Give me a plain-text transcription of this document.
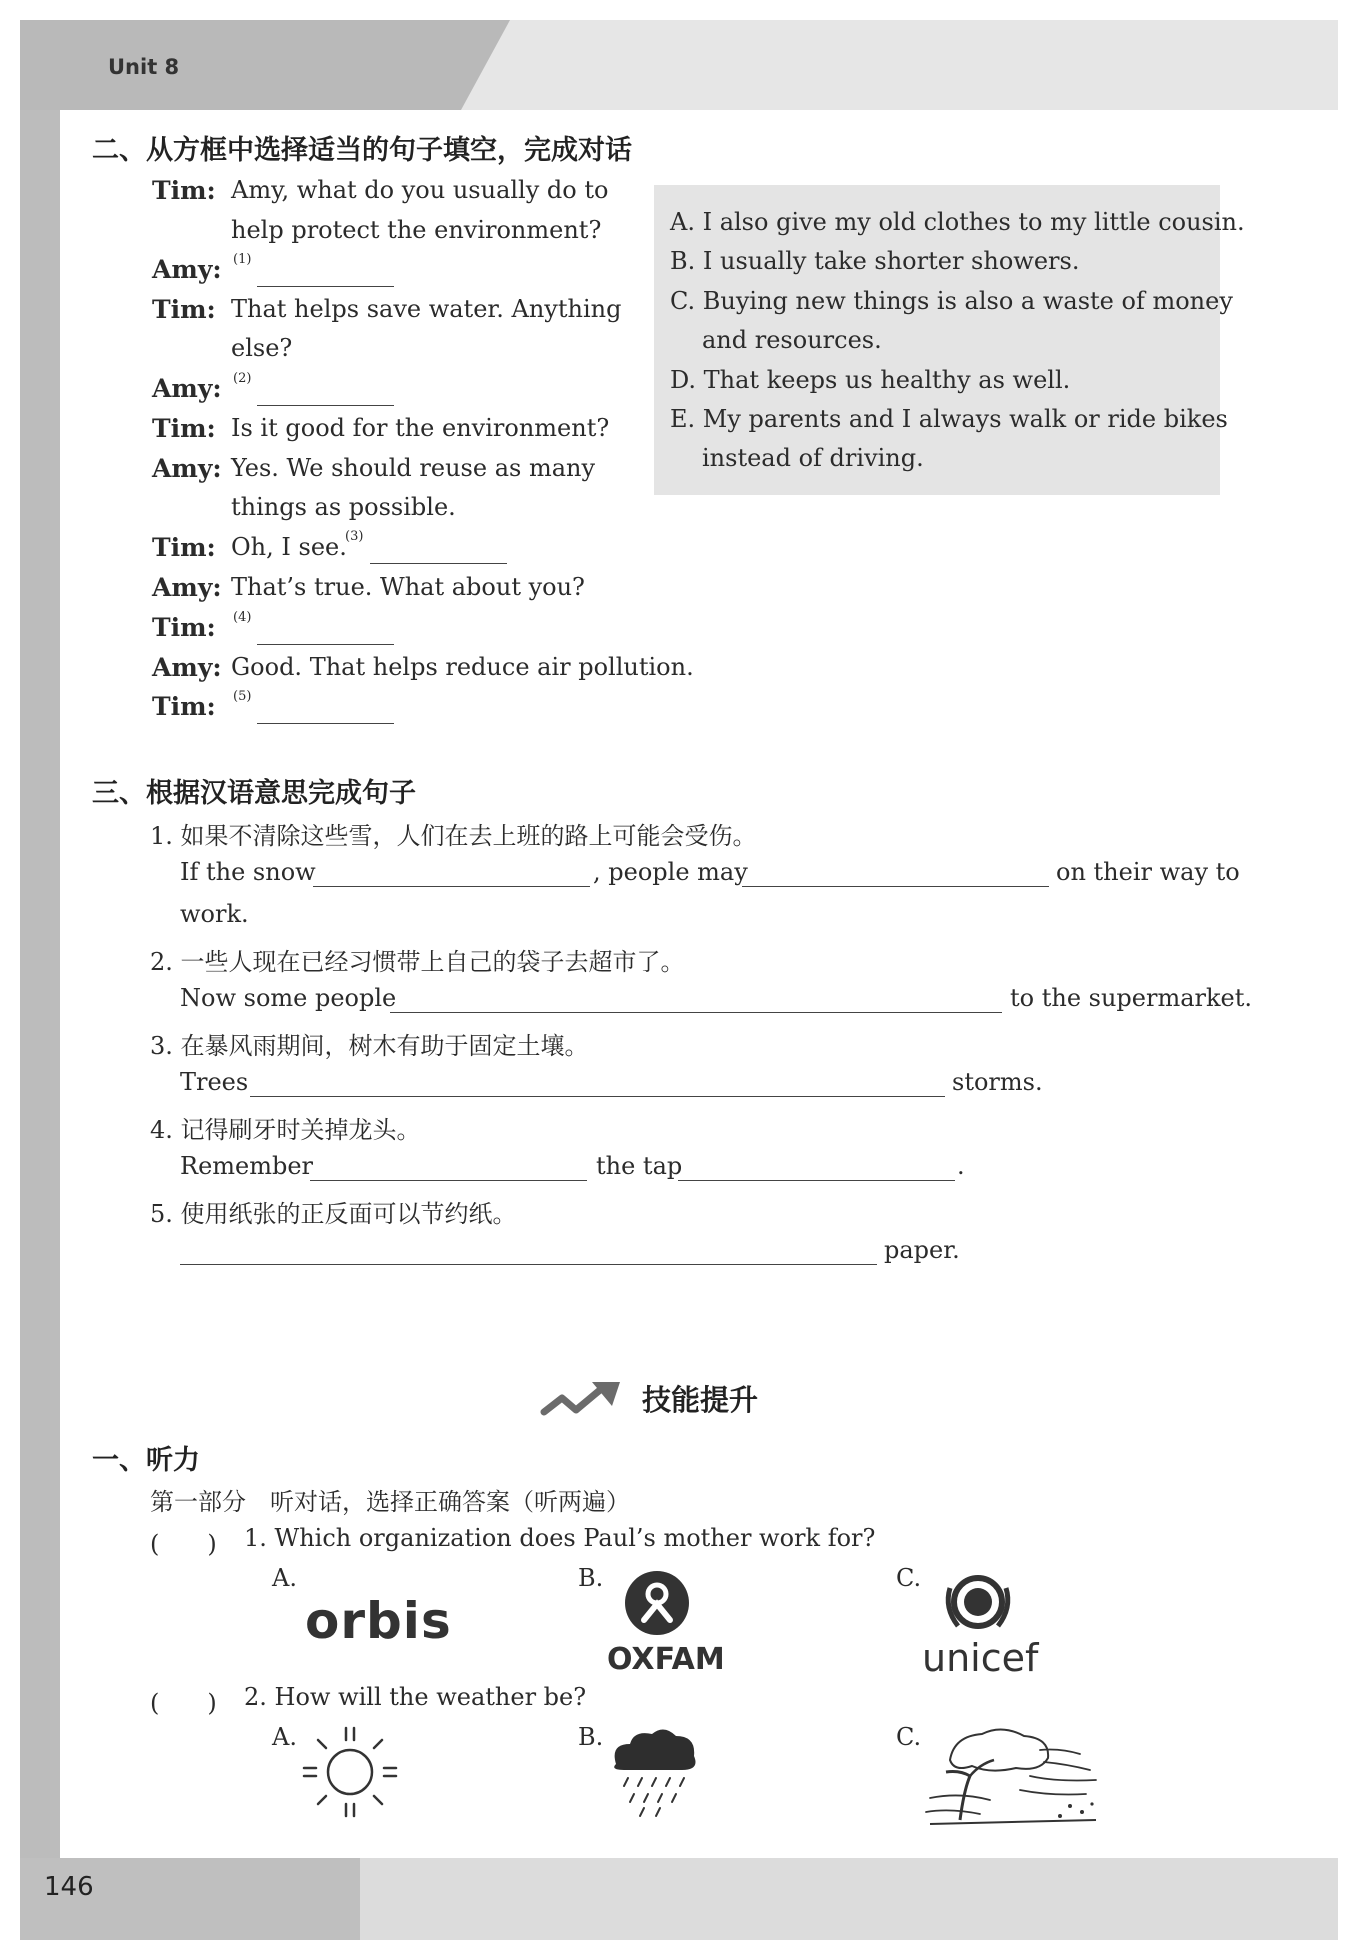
Unit 8
146
二、从方框中选择适当的句子填空，完成对话
A. I also give my old clothes to my little cousin.
B. I usually take shorter showers.
C. Buying new things is also a waste of money
and resources.
D. That keeps us healthy as well.
E. My parents and I always walk or ride bikes
instead of driving.
Tim: Amy, what do you usually do to
help protect the environment?
Amy: (1)
Tim: That helps save water. Anything
else?
Amy: (2)
Tim: Is it good for the environment?
Amy: Yes. We should reuse as many
things as possible.
Tim: Oh, I see.
(3)
Amy: That’s true. What about you?
Tim: (4)
Amy: Good. That helps reduce air pollution.
Tim: (5)
三、根据汉语意思完成句子
1. 如果不清除这些雪，人们在去上班的路上可能会受伤。
If the snow	, people may	on their way to
work.
2. 一些人现在已经习惯带上自己的袋子去超市了。
Now some people	to the supermarket.
3. 在暴风雨期间，树木有助于固定土壤。
Trees	storms.
4. 记得刷牙时关掉龙头。
Remember	the tap	.
5. 使用纸张的正反面可以节约纸。
paper.
技能提升
一、听力
第一部分　听对话，选择正确答案（听两遍）
(　　) 1. Which organization does Paul’s mother work for?
A.	B.	C.
orbis
OXFAM	unicef
(　　) 2. How will the weather be?
A.	B.	C.
